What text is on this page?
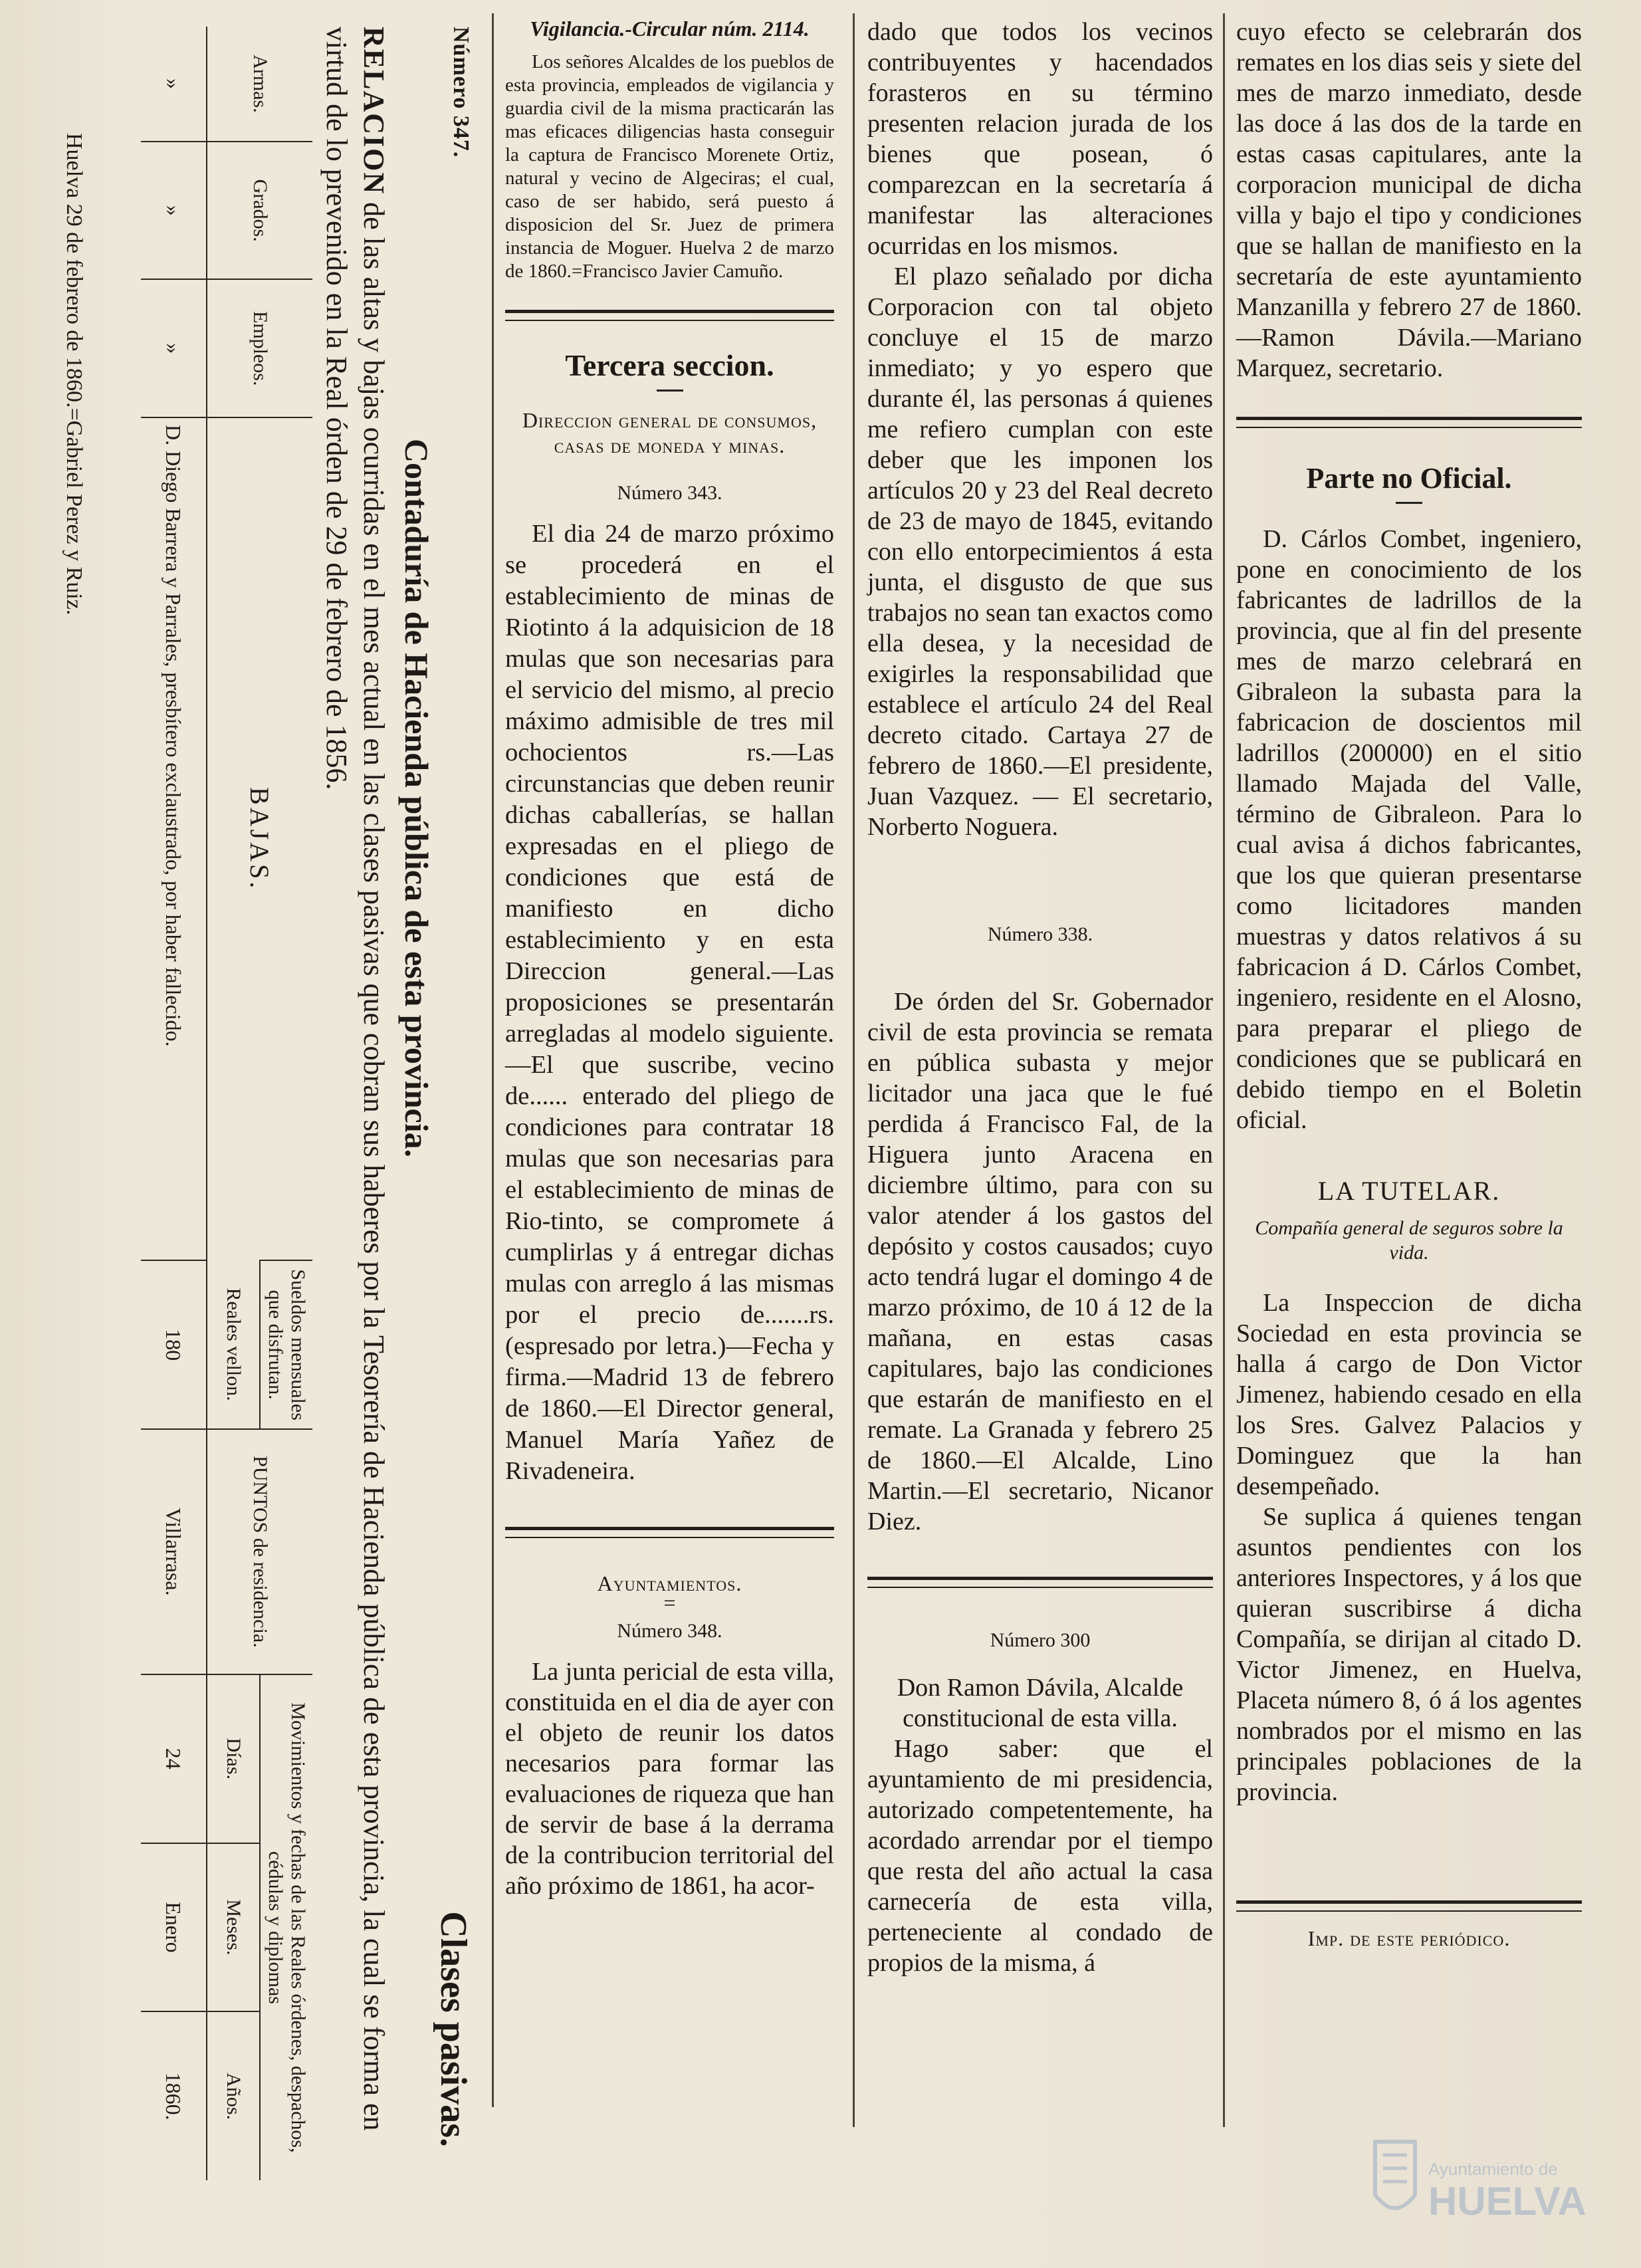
Número 347.
Clases pasivas.
Contaduría de Hacienda pública de esta provincia.
RELACION de las altas y bajas ocurridas en el mes actual en las clases pasivas que cobran sus haberes por la Tesorería de Hacienda pública de esta provincia, la cual se forma en virtud de lo prevenido en la Real órden de 29 de febrero de 1856.
Armas.	Grados.	Empleos.	BAJAS.	Sueldos mensuales que disfrutan.	PUNTOS de residencia.	Movimientos y fechas de las Reales órdenes, despachos, cédulas y diplomas		
				Reales vellon.		Días.	Meses.	Años.
»	»	»	D. Diego Barrera y Parrales, presbítero exclaustrado, por haber fallecido.	180	Villarrasa.	24	Enero	1860.
Huelva 29 de febrero de 1860.=Gabriel Perez y Ruiz.
Vigilancia.-Circular núm. 2114.

Los señores Alcaldes de los pueblos de esta provincia, empleados de vigilancia y guardia civil de la misma practicarán las mas eficaces diligencias hasta conseguir la captura de Francisco Morenete Ortiz, natural y vecino de Algeciras; el cual, caso de ser habido, será puesto á disposicion del Sr. Juez de primera instancia de Moguer. Huelva 2 de marzo de 1860.=Francisco Javier Camuño.

Tercera seccion.
Direccion general de consumos, casas de moneda y minas.
Número 343.

El dia 24 de marzo próximo se procederá en el establecimiento de minas de Riotinto á la adquisicion de 18 mulas que son necesarias para el servicio del mismo, al precio máximo admisible de tres mil ochocientos rs.—Las circunstancias que deben reunir dichas caballerías, se hallan expresadas en el pliego de condiciones que está de manifiesto en dicho establecimiento y en esta Direccion general.—Las proposiciones se presentarán arregladas al modelo siguiente.—El que suscribe, vecino de...... enterado del pliego de condiciones para contratar 18 mulas que son necesarias para el establecimiento de minas de Rio-tinto, se compromete á cumplirlas y á entregar dichas mulas con arreglo á las mismas por el precio de.......rs. (espresado por letra.)—Fecha y firma.—Madrid 13 de febrero de 1860.—El Director general, Manuel María Yañez de Rivadeneira.

Ayuntamientos.
=
Número 348.

La junta pericial de esta villa, constituida en el dia de ayer con el objeto de reunir los datos necesarios para formar las evaluaciones de riqueza que han de servir de base á la derrama de la contribucion territorial del año próximo de 1861, ha acor-

dado que todos los vecinos contribuyentes y hacendados forasteros en su término presenten relacion jurada de los bienes que posean, ó comparezcan en la secretaría á manifestar las alteraciones ocurridas en los mismos.

El plazo señalado por dicha Corporacion con tal objeto concluye el 15 de marzo inmediato; y yo espero que durante él, las personas á quienes me refiero cumplan con este deber que les imponen los artículos 20 y 23 del Real decreto de 23 de mayo de 1845, evitando con ello entorpecimientos á esta junta, el disgusto de que sus trabajos no sean tan exactos como ella desea, y la necesidad de exigirles la responsabilidad que establece el artículo 24 del Real decreto citado. Cartaya 27 de febrero de 1860.—El presidente, Juan Vazquez. — El secretario, Norberto Noguera.

Número 338.

De órden del Sr. Gobernador civil de esta provincia se remata en pública subasta y mejor licitador una jaca que le fué perdida á Francisco Fal, de la Higuera junto Aracena en diciembre último, para con su valor atender á los gastos del depósito y costos causados; cuyo acto tendrá lugar el domingo 4 de marzo próximo, de 10 á 12 de la mañana, en estas casas capitulares, bajo las condiciones que estarán de manifiesto en el remate. La Granada y febrero 25 de 1860.—El Alcalde, Lino Martin.—El secretario, Nicanor Diez.

Número 300

Don Ramon Dávila, Alcalde constitucional de esta villa.

Hago saber: que el ayuntamiento de mi presidencia, autorizado competentemente, ha acordado arrendar por el tiempo que resta del año actual la casa carnecería de esta villa, perteneciente al condado de propios de la misma, á

cuyo efecto se celebrarán dos remates en los dias seis y siete del mes de marzo inmediato, desde las doce á las dos de la tarde en estas casas capitulares, ante la corporacion municipal de dicha villa y bajo el tipo y condiciones que se hallan de manifiesto en la secretaría de este ayuntamiento Manzanilla y febrero 27 de 1860.—Ramon Dávila.—Mariano Marquez, secretario.

Parte no Oficial.

D. Cárlos Combet, ingeniero, pone en conocimiento de los fabricantes de ladrillos de la provincia, que al fin del presente mes de marzo celebrará en Gibraleon la subasta para la fabricacion de doscientos mil ladrillos (200000) en el sitio llamado Majada del Valle, término de Gibraleon. Para lo cual avisa á dichos fabricantes, que los que quieran presentarse como licitadores manden muestras y datos relativos á su fabricacion á D. Cárlos Combet, ingeniero, residente en el Alosno, para preparar el pliego de condiciones que se publicará en debido tiempo en el Boletin oficial.

LA TUTELAR.
Compañía general de seguros sobre la vida.

La Inspeccion de dicha Sociedad en esta provincia se halla á cargo de Don Victor Jimenez, habiendo cesado en ella los Sres. Galvez Palacios y Dominguez que la han desempeñado.

Se suplica á quienes tengan asuntos pendientes con los anteriores Inspectores, y á los que quieran suscribirse á dicha Compañía, se dirijan al citado D. Victor Jimenez, en Huelva, Placeta número 8, ó á los agentes nombrados por el mismo en las principales poblaciones de la provincia.

Imp. de este periódico.
Ayuntamiento de
HUELVA
